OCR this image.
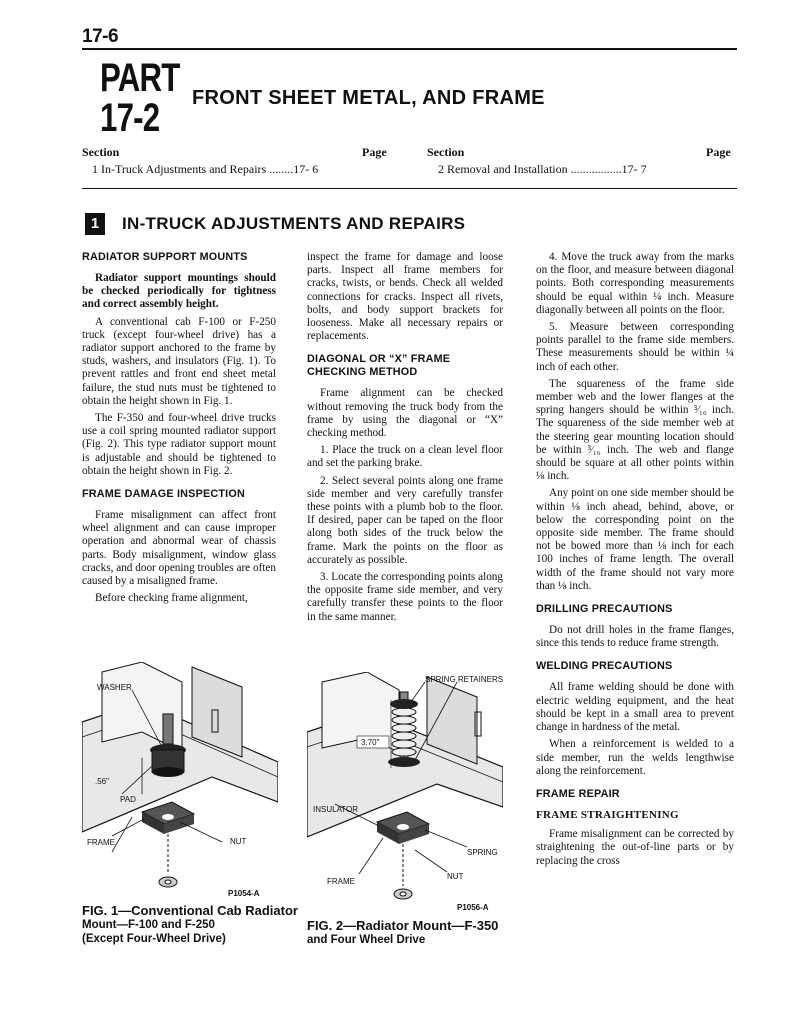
17-6
PART
17-2 FRONT SHEET METAL, AND FRAME
Section	Page	Section	Page
1 In-Truck Adjustments and Repairs ........17- 6	2 Removal and Installation .................17- 7
1	IN-TRUCK ADJUSTMENTS AND REPAIRS
RADIATOR SUPPORT MOUNTS

Radiator support mountings should be checked periodically for tightness and correct assembly height.

A conventional cab F-100 or F-250 truck (except four-wheel drive) has a radiator support anchored to the frame by studs, washers, and insulators (Fig. 1). To prevent rattles and front end sheet metal failure, the stud nuts must be tightened to obtain the height shown in Fig. 1.

The F-350 and four-wheel drive trucks use a coil spring mounted radiator support (Fig. 2). This type radiator support mount is adjustable and should be tightened to obtain the height shown in Fig. 2.

FRAME DAMAGE INSPECTION

Frame misalignment can affect front wheel alignment and can cause improper operation and abnormal wear of chassis parts. Body misalignment, window glass cracks, and door opening troubles are often caused by a misaligned frame.

Before checking frame alignment,

inspect the frame for damage and loose parts. Inspect all frame members for cracks, twists, or bends. Check all welded connections for cracks. Inspect all rivets, bolts, and body support brackets for looseness. Make all necessary repairs or replacements.

DIAGONAL OR “X” FRAME CHECKING METHOD

Frame alignment can be checked without removing the truck body from the frame by using the diagonal or “X” checking method.

1. Place the truck on a clean level floor and set the parking brake.

2. Select several points along one frame side member and very carefully transfer these points with a plumb bob to the floor. If desired, paper can be taped on the floor along both sides of the truck below the frame. Mark the points on the floor as accurately as possible.

3. Locate the corresponding points along the opposite frame side member, and very carefully transfer these points to the floor in the same manner.

4. Move the truck away from the marks on the floor, and measure between diagonal points. Both corresponding measurements should be equal within ¼ inch. Measure diagonally between all points on the floor.

5. Measure between corresponding points parallel to the frame side members. These measurements should be within ¼ inch of each other.

The squareness of the frame side member web and the lower flanges at the spring hangers should be within ³⁄₁₆ inch. The squareness of the side member web at the steering gear mounting location should be within ³⁄₁₆ inch. The web and flange should be square at all other points within ⅛ inch.

Any point on one side member should be within ⅛ inch ahead, behind, above, or below the corresponding point on the opposite side member. The frame should not be bowed more than ⅛ inch for each 100 inches of frame length. The overall width of the frame should not vary more than ⅛ inch.

DRILLING PRECAUTIONS

Do not drill holes in the frame flanges, since this tends to reduce frame strength.

WELDING PRECAUTIONS

All frame welding should be done with electric welding equipment, and the heat should be kept in a small area to prevent change in hardness of the metal.

When a reinforcement is welded to a side member, run the welds lengthwise along the reinforcement.

FRAME REPAIR
FRAME STRAIGHTENING

Frame misalignment can be corrected by straightening the out-of-line parts or by replacing the cross

WASHER
.56"
PAD
FRAME	NUT
P1054-A
FIG. 1—Conventional Cab Radiator
Mount—F-100 and F-250
(Except Four-Wheel Drive)
SPRING RETAINERS
3.70"
INSULATOR
SPRING
FRAME
NUT
P1056-A
FIG. 2—Radiator Mount—F-350
and Four Wheel Drive
